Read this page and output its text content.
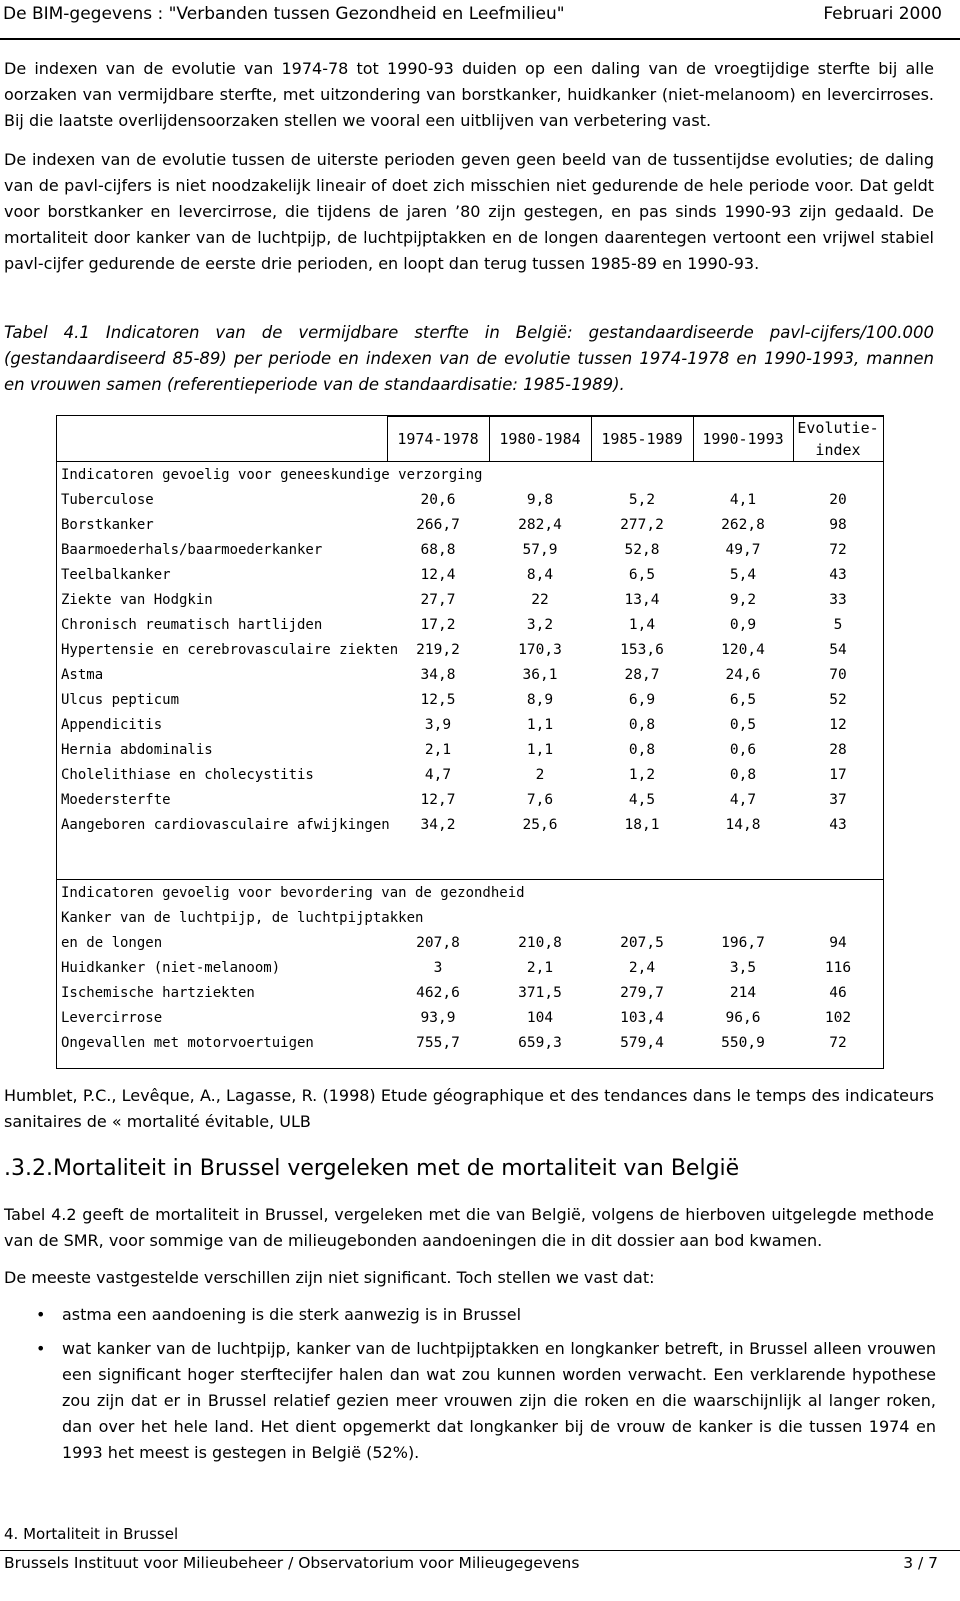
De BIM-gegevens : "Verbanden tussen Gezondheid en Leefmilieu"	Februari 2000

De indexen van de evolutie van 1974-78 tot 1990-93 duiden op een daling van de vroegtijdige sterfte bij alle oorzaken van vermijdbare sterfte, met uitzondering van borstkanker, huidkanker (niet-melanoom) en levercirroses. Bij die laatste overlijdensoorzaken stellen we vooral een uitblijven van verbetering vast.

De indexen van de evolutie tussen de uiterste perioden geven geen beeld van de tussentijdse evoluties; de daling van de pavl-cijfers is niet noodzakelijk lineair of doet zich misschien niet gedurende de hele periode voor. Dat geldt voor borstkanker en levercirrose, die tijdens de jaren ’80 zijn gestegen, en pas sinds 1990-93 zijn gedaald. De mortaliteit door kanker van de luchtpijp, de luchtpijptakken en de longen daarentegen vertoont een vrijwel stabiel pavl-cijfer gedurende de eerste drie perioden, en loopt dan terug tussen 1985-89 en 1990-93.

Tabel 4.1 Indicatoren van de vermijdbare sterfte in België: gestandaardiseerde pavl-cijfers/100.000 (gestandaardiseerd 85-89) per periode en indexen van de evolutie tussen 1974-1978 en 1990-1993, mannen en vrouwen samen (referentieperiode van de standaardisatie: 1985-1989).

	1974-1978	1980-1984	1985-1989	1990-1993	Evolutie-
index
Indicatoren gevoelig voor geneeskundige verzorging					
Tuberculose	20,6	9,8	5,2	4,1	20
Borstkanker	266,7	282,4	277,2	262,8	98
Baarmoederhals/baarmoederkanker	68,8	57,9	52,8	49,7	72
Teelbalkanker	12,4	8,4	6,5	5,4	43
Ziekte van Hodgkin	27,7	22	13,4	9,2	33
Chronisch reumatisch hartlijden	17,2	3,2	1,4	0,9	5
Hypertensie en cerebrovasculaire ziekten	219,2	170,3	153,6	120,4	54
Astma	34,8	36,1	28,7	24,6	70
Ulcus pepticum	12,5	8,9	6,9	6,5	52
Appendicitis	3,9	1,1	0,8	0,5	12
Hernia abdominalis	2,1	1,1	0,8	0,6	28
Cholelithiase en cholecystitis	4,7	2	1,2	0,8	17
Moedersterfte	12,7	7,6	4,5	4,7	37
Aangeboren cardiovasculaire afwijkingen	34,2	25,6	18,1	14,8	43

Indicatoren gevoelig voor bevordering van de gezondheid					
Kanker van de luchtpijp, de luchtpijptakken					
en de longen	207,8	210,8	207,5	196,7	94
Huidkanker (niet-melanoom)	3	2,1	2,4	3,5	116
Ischemische hartziekten	462,6	371,5	279,7	214	46
Levercirrose	93,9	104	103,4	96,6	102
Ongevallen met motorvoertuigen	755,7	659,3	579,4	550,9	72

Humblet, P.C., Levêque, A., Lagasse, R. (1998) Etude géographique et des tendances dans le temps des indicateurs sanitaires de « mortalité évitable, ULB

.3.2.Mortaliteit in Brussel vergeleken met de mortaliteit van België

Tabel 4.2 geeft de mortaliteit in Brussel, vergeleken met die van België, volgens de hierboven uitgelegde methode van de SMR, voor sommige van de milieugebonden aandoeningen die in dit dossier aan bod kwamen.

De meeste vastgestelde verschillen zijn niet significant. Toch stellen we vast dat:

• astma een aandoening is die sterk aanwezig is in Brussel
• wat kanker van de luchtpijp, kanker van de luchtpijptakken en longkanker betreft, in Brussel alleen vrouwen een significant hoger sterftecijfer halen dan wat zou kunnen worden verwacht. Een verklarende hypothese zou zijn dat er in Brussel relatief gezien meer vrouwen zijn die roken en die waarschijnlijk al langer roken, dan over het hele land. Het dient opgemerkt dat longkanker bij de vrouw de kanker is die tussen 1974 en 1993 het meest is gestegen in België (52%).
4. Mortaliteit in Brussel
Brussels Instituut voor Milieubeheer / Observatorium voor Milieugegevens	3 / 7
